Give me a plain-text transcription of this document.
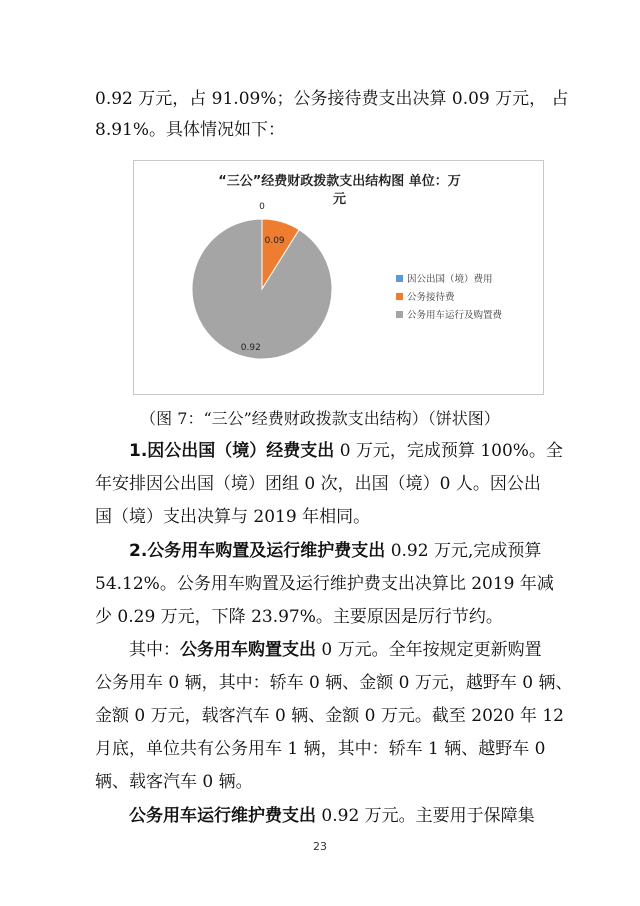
0.92 万元，占 91.09%；公务接待费支出决算 0.09 万元， 占
8.91%。具体情况如下：
“三公”经费财政拨款支出结构图 单位：万
元
0
0.09
0.92
因公出国（境）费用
公务接待费
公务用车运行及购置费
（图 7：“三公”经费财政拨款支出结构）（饼状图）
1.因公出国（境）经费支出 0 万元，完成预算 100%。全
年安排因公出国（境）团组 0 次，出国（境）0 人。因公出
国（境）支出决算与 2019 年相同。
2.公务用车购置及运行维护费支出 0.92 万元,完成预算
54.12%。公务用车购置及运行维护费支出决算比 2019 年减
少 0.29 万元，下降 23.97%。主要原因是厉行节约。
其中：公务用车购置支出 0 万元。全年按规定更新购置
公务用车 0 辆，其中：轿车 0 辆、金额 0 万元，越野车 0 辆、
金额 0 万元，载客汽车 0 辆、金额 0 万元。截至 2020 年 12
月底，单位共有公务用车 1 辆，其中：轿车 1 辆、越野车 0
辆、载客汽车 0 辆。
公务用车运行维护费支出 0.92 万元。主要用于保障集
23
